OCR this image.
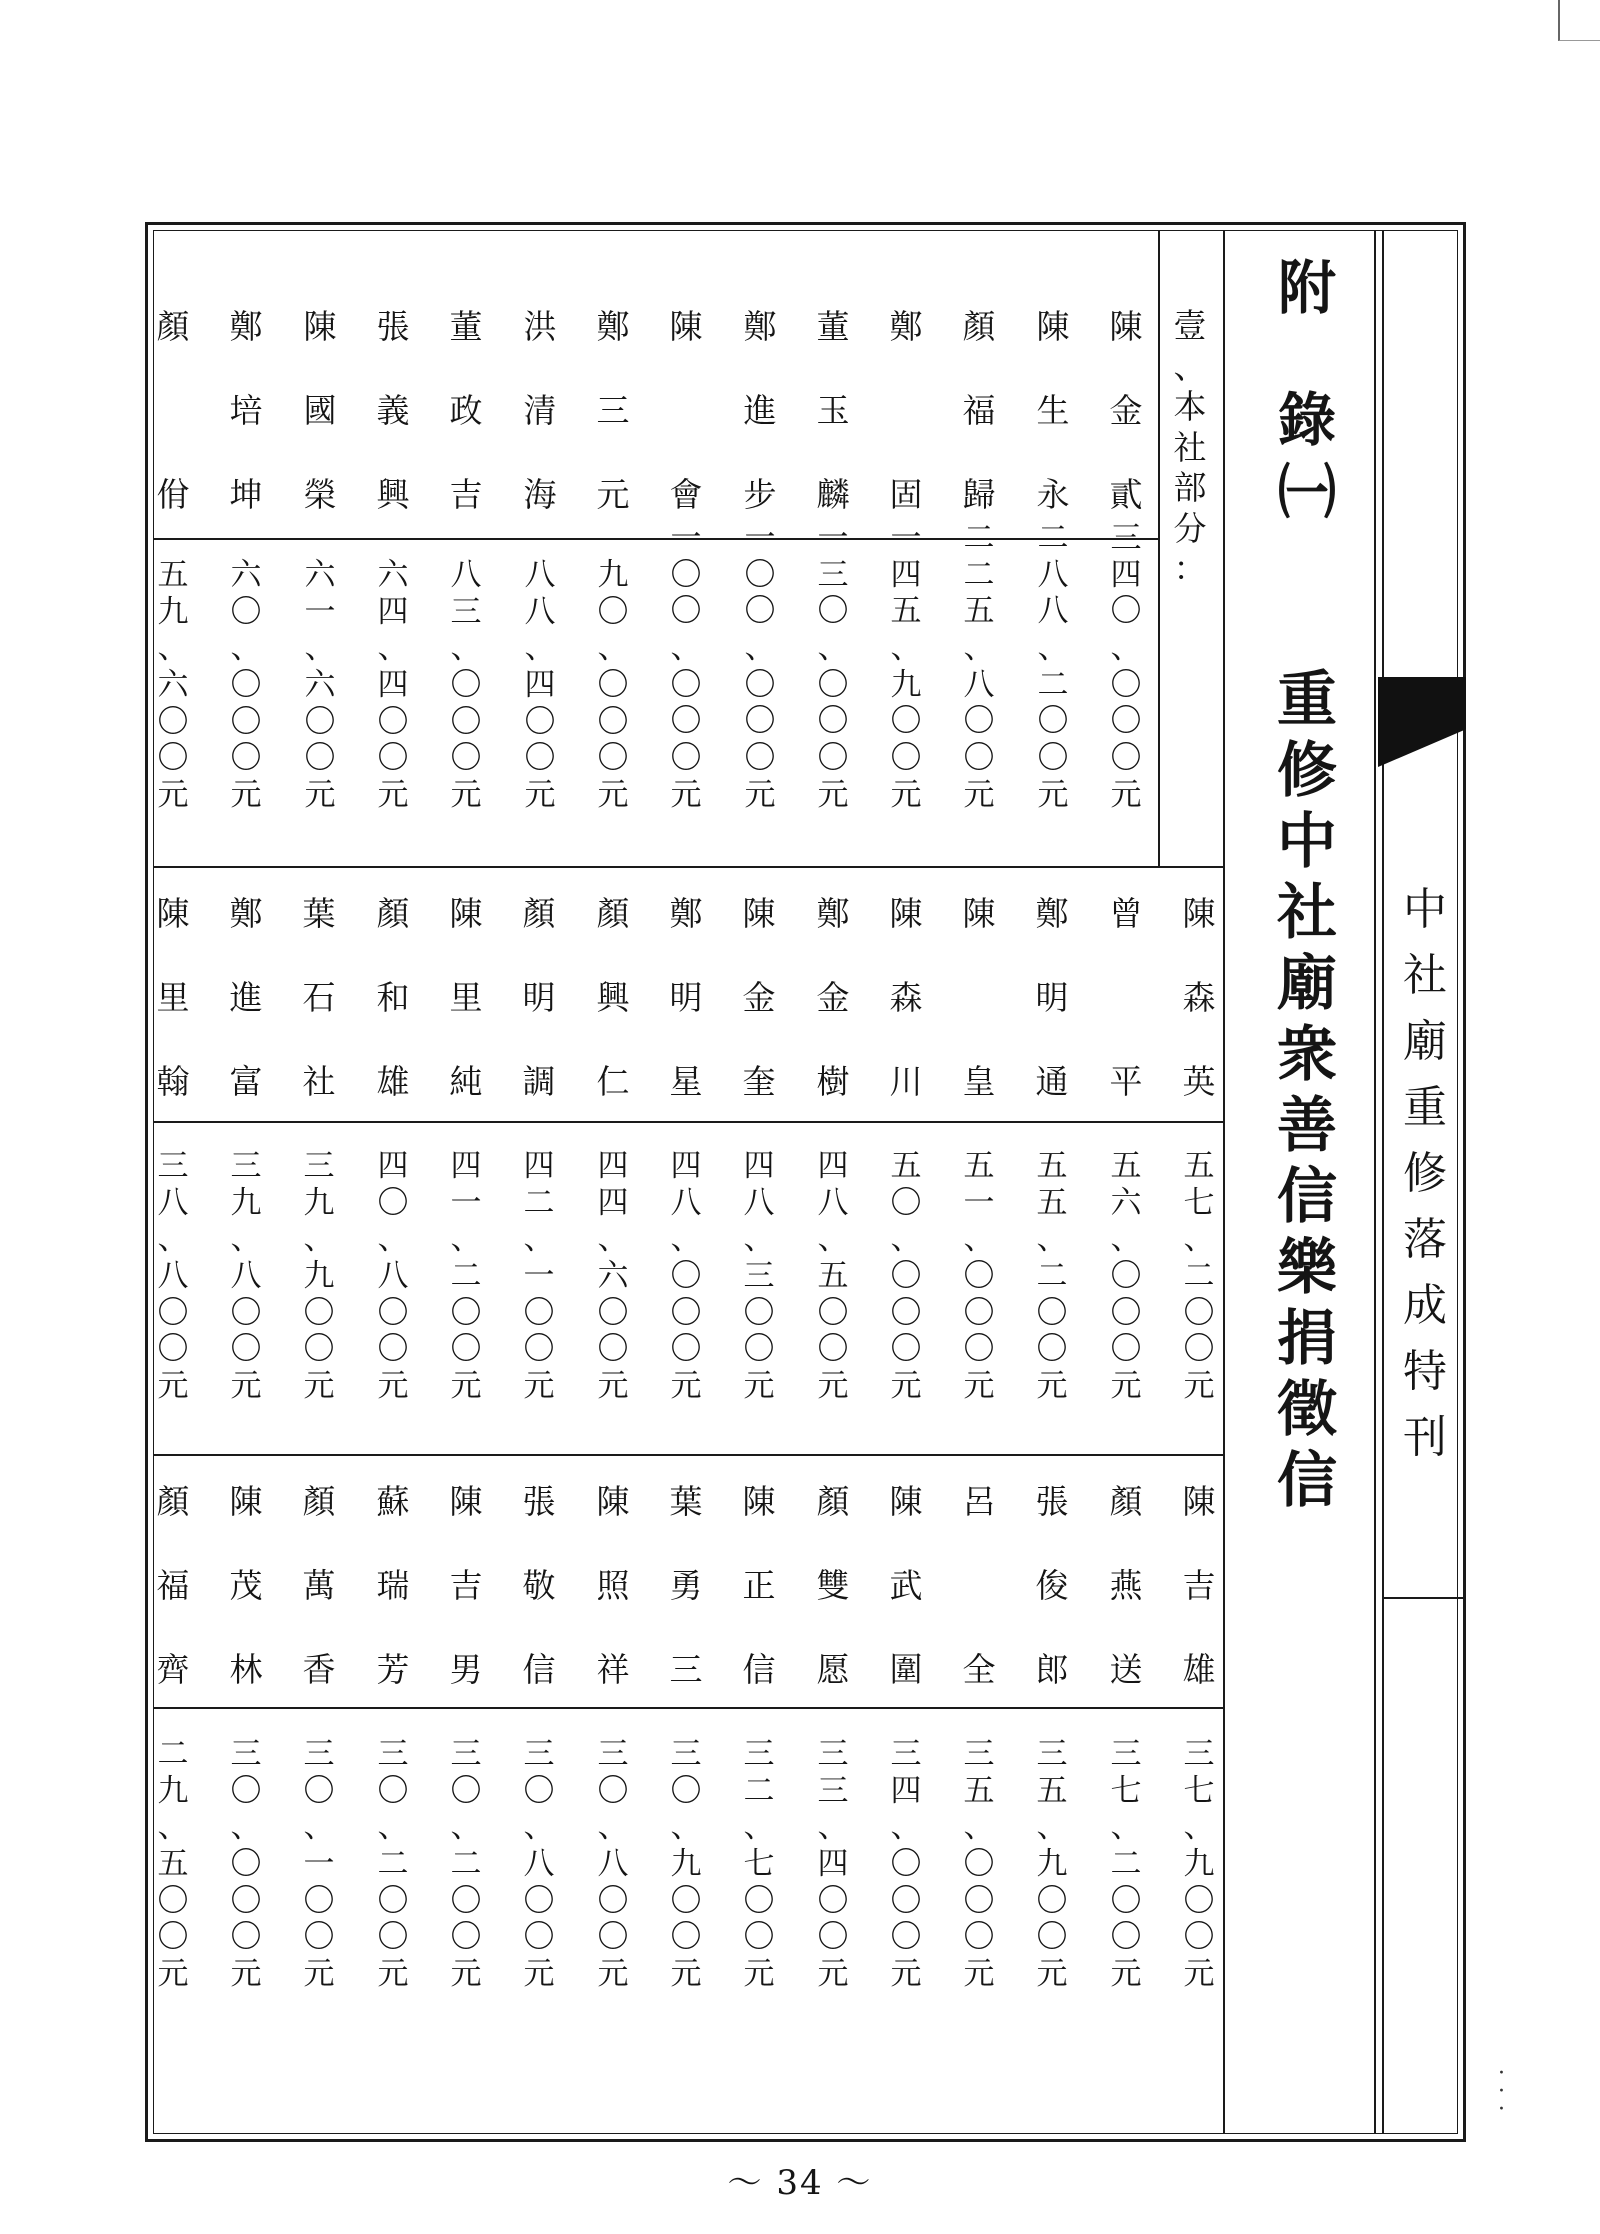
中
社
廟
重
修
落
成
特
刊
附
錄
㈠
重
修
中
社
廟
衆
善
信
樂
捐
徵
信
壹
、
本
社
部
分
：
陳
金
貳
三
四
〇
、
〇
〇
〇
元
陳
生
永
二
八
八
、
二
〇
〇
元
顏
福
歸
二
二
五
、
八
〇
〇
元
鄭

固
一
四
五
、
九
〇
〇
元
董
玉
麟
一
三
〇
、
〇
〇
〇
元
鄭
進
步
一
〇
〇
、
〇
〇
〇
元
陳

會
一
〇
〇
、
〇
〇
〇
元
鄭
三
元
九
〇
、
〇
〇
〇
元
洪
清
海
八
八
、
四
〇
〇
元
董
政
吉
八
三
、
〇
〇
〇
元
張
義
興
六
四
、
四
〇
〇
元
陳
國
榮
六
一
、
六
〇
〇
元
鄭
培
坤
六
〇
、
〇
〇
〇
元
顏

佾
五
九
、
六
〇
〇
元
陳
森
英
五
七
、
二
〇
〇
元
曾

平
五
六
、
〇
〇
〇
元
鄭
明
通
五
五
、
二
〇
〇
元
陳

皇
五
一
、
〇
〇
〇
元
陳
森
川
五
〇
、
〇
〇
〇
元
鄭
金
樹
四
八
、
五
〇
〇
元
陳
金
奎
四
八
、
三
〇
〇
元
鄭
明
星
四
八
、
〇
〇
〇
元
顏
興
仁
四
四
、
六
〇
〇
元
顏
明
調
四
二
、
一
〇
〇
元
陳
里
純
四
一
、
二
〇
〇
元
顏
和
雄
四
〇
、
八
〇
〇
元
葉
石
社
三
九
、
九
〇
〇
元
鄭
進
富
三
九
、
八
〇
〇
元
陳
里
翰
三
八
、
八
〇
〇
元
陳
吉
雄
三
七
、
九
〇
〇
元
顏
燕
送
三
七
、
二
〇
〇
元
張
俊
郎
三
五
、
九
〇
〇
元
呂

全
三
五
、
〇
〇
〇
元
陳
武
圍
三
四
、
〇
〇
〇
元
顏
雙
愿
三
三
、
四
〇
〇
元
陳
正
信
三
二
、
七
〇
〇
元
葉
勇
三
三
〇
、
九
〇
〇
元
陳
照
祥
三
〇
、
八
〇
〇
元
張
敬
信
三
〇
、
八
〇
〇
元
陳
吉
男
三
〇
、
二
〇
〇
元
蘇
瑞
芳
三
〇
、
二
〇
〇
元
顏
萬
香
三
〇
、
一
〇
〇
元
陳
茂
林
三
〇
、
〇
〇
〇
元
顏
福
齊
二
九
、
五
〇
〇
元
～ 34 ～
·
·
·
